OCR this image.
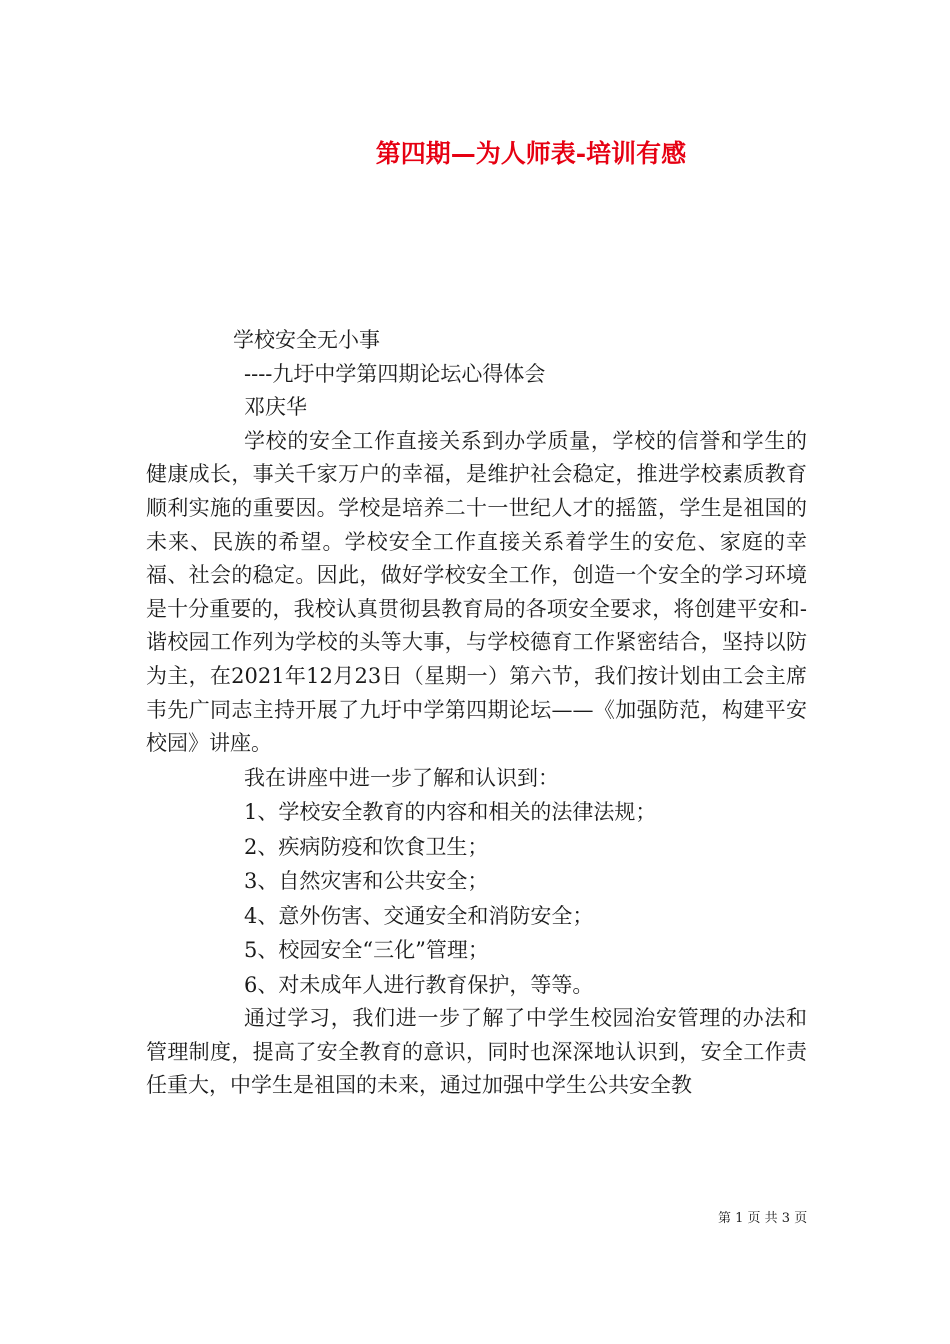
第四期—为人师表-培训有感
学校安全无小事
----九圩中学第四期论坛心得体会
邓庆华

学校的安全工作直接关系到办学质量，学校的信誉和学生的健康成长，事关千家万户的幸福，是维护社会稳定，推进学校素质教育顺利实施的重要因。学校是培养二十一世纪人才的摇篮，学生是祖国的未来、民族的希望。学校安全工作直接关系着学生的安危、家庭的幸福、社会的稳定。因此，做好学校安全工作，创造一个安全的学习环境是十分重要的，我校认真贯彻县教育局的各项安全要求，将创建平安和-谐校园工作列为学校的头等大事，与学校德育工作紧密结合，坚持以防为主，在2021年12月23日（星期一）第六节，我们按计划由工会主席韦先广同志主持开展了九圩中学第四期论坛——《加强防范，构建平安校园》讲座。

我在讲座中进一步了解和认识到：
1、学校安全教育的内容和相关的法律法规；
2、疾病防疫和饮食卫生；
3、自然灾害和公共安全；
4、意外伤害、交通安全和消防安全；
5、校园安全“三化”管理；
6、对未成年人进行教育保护，等等。

通过学习，我们进一步了解了中学生校园治安管理的办法和管理制度，提高了安全教育的意识，同时也深深地认识到，安全工作责任重大，中学生是祖国的未来，通过加强中学生公共安全教

第 1 页 共 3 页
